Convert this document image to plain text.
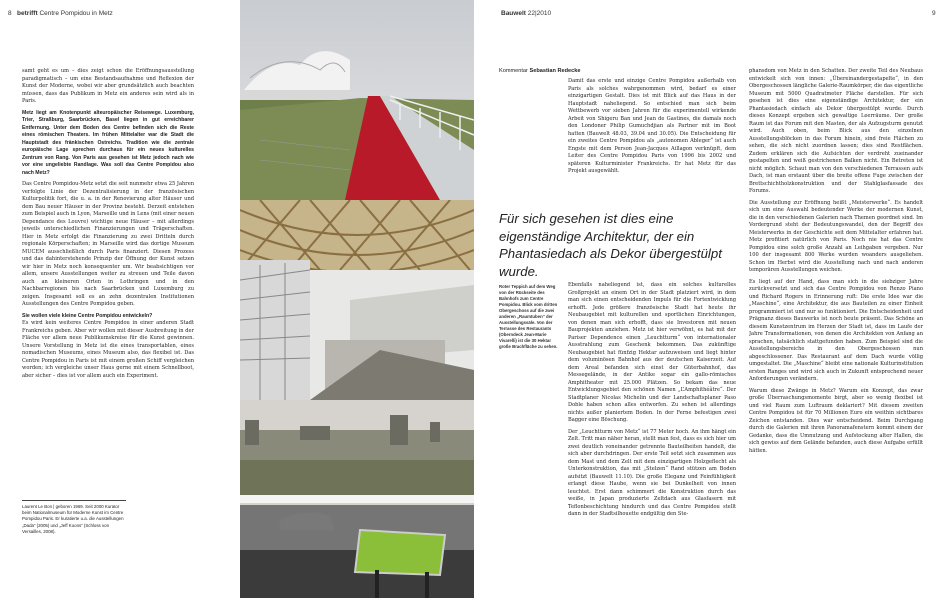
8 betrifft Centre Pompidou in Metz

samt geht es um – dies zeigt schon die Eröffnungsausstellung paradigmatisch – um eine Bestandsaufnahme und Reflexion der Kunst der Moderne, wobei wir aber grundsätzlich auch beachten müssen, dass das Publikum in Metz ein anderes sein wird als in Paris.

Metz liegt am Knotenpunkt alteuropäischer Reisewege. Luxemburg, Trier, Straßburg, Saarbrücken, Basel liegen in gut erreichbarer Entfernung. Unter dem Boden des Centre befinden sich die Reste eines römischen Theaters. Im frühen Mittelalter war die Stadt die Hauptstadt des fränkischen Ostreichs. Tradition wie die zentrale europäische Lage sprechen durchaus für ein neues kulturelles Zentrum von Rang. Von Paris aus gesehen ist Metz jedoch nach wie vor eine ungeliebte Randlage. Was soll das Centre Pompidou also nach Metz?

Das Centre Pompidou-Metz setzt die seit nunmehr etwa 25 Jahren verfolgte Linie der Dezentralisierung in der französischen Kulturpolitik fort, die u. a. in der Renovierung alter Häuser und dem Bau neuer Häuser in der Provinz besteht. Derzeit entstehen zum Beispiel auch in Lyon, Marseille und in Lens (mit einer neuen Dependance des Louvre) wichtige neue Häuser – mit allerdings jeweils unterschiedlichen Finanzierungen und Trägerschaften. Hier in Metz erfolgt die Finanzierung zu zwei Dritteln durch regionale Körperschaften; in Marseille wird das dortige Museum MUCEM ausschließlich durch Paris finanziert. Diesen Prozess und das dahinterstehende Prinzip der Öffnung der Kunst setzen wir hier in Metz noch konsequenter um. Wir beabsichtigen vor allem, unsere Ausstellungen weiter zu streuen und Teile davon auch an kleineren Orten in Lothringen und in den Nachbarregionen bis nach Saarbrücken und Luxemburg zu zeigen. Insgesamt soll es an zehn dezentralen Institutionen Ausstellungen des Centre Pompidou geben.

Sie wollen viele kleine Centre Pompidou entwickeln?

Es wird kein weiteres Centre Pompidou in einer anderen Stadt Frankreichs geben. Aber wir wollen mit dieser Ausbreitung in der Fläche vor allem neue Publikumskreise für die Kunst gewinnen. Unsere Vorstellung in Metz ist die eines transportablen, eines nomadischen Museums, eines Museum also, das flexibel ist. Das Centre Pompidou in Paris ist mit einem großen Schiff vergleichen worden; ich vergleiche unser Haus gerne mit einem Schnellboot, aber sicher – dies ist vor allem auch ein Experiment.

Laurent Le Bon | geboren 1969. Seit 2000 Kurator beim Nationalmuseum für Moderne Kunst im Centre Pompidou Paris. Er kuratierte u.a. die Ausstellungen „Dada“ (2005) und „Jeff Koons“ (Schloss von Versailles, 2008).
Bauwelt 22|2010	9
Kommentar Sebastian Redecke

Damit das erste und einzige Centre Pompidou außerhalb von Paris als solches wahrgenommen wird, bedarf es einer einzigartigen Gestalt. Dies ist mit Blick auf das Haus in der Hauptstadt naheliegend. So entschied man sich beim Wettbewerb vor sieben Jahren für die experimentell wirkende Arbeit von Shigeru Ban und Jean de Gastines, die damals noch den Londoner Philip Gumuchdjian als Partner mit im Boot hatten (Bauwelt 48.03, 39.04 und 30.05). Die Entscheidung für ein zweites Centre Pompidou als „autonomen Ableger“ ist auch Engste mit dem Person Jean-Jacques Aillagon verknüpft, dem Leiter des Centre Pompidou Paris von 1996 bis 2002 und späteren Kulturminister Frankreichs. Er hat Metz für das Projekt ausgewählt.

Für sich gesehen ist dies eine eigenständige Architektur, der ein Phantasiedach als Dekor übergestülpt wurde.
Roter Teppich auf dem Weg von der Rückseite des Bahnhofs zum Centre Pompidou. Blick vom dritten Obergeschoss auf die zwei anderen „Raumtuben“ der Ausstellungssäle. Von der Terrasse des Restaurants (Oberndeck Jean-Marie Vivarelli) ist die 30 Hektar große Brachfläche zu sehen.

Ebenfalls naheliegend ist, dass ein solches kulturelles Großprojekt an einem Ort in der Stadt platziert wird, in dem man sich einen entscheidenden Impuls für die Fortentwicklung erhofft. Jede größere französische Stadt hat heute ihr Neubaugebiet mit kulturellen und sportlichen Einrichtungen, von denen man sich erhofft, dass sie Investoren mit neuen Bauprojekten anziehen. Metz ist hier verwöhnt, es hat mit der Pariser Dependence einen „Leuchtturm“ von internationaler Ausstrahlung zum Geschenk bekommen. Das zukünftige Neubaugebiet hat fünfzig Hektar aufzuweisen und liegt hinter dem voluminösen Bahnhof aus der deutschen Kaiserzeit. Auf dem Areal befanden sich einst der Güterbahnhof, das Messegelände, in der Antike sogar ein gallo-römisches Amphitheater mit 25.000 Plätzen. So bekam das neue Entwicklungsgebiet den schönen Namen „L’Amphithéâtre“. Der Stadtplaner Nicolas Michelin und der Landschaftsplaner Paso Doble haben schon alles entworfen. Zu sehen ist allerdings nichts außer planiertem Boden. In der Ferne befestigen zwei Bagger eine Böschung.

Der „Leuchtturm von Metz“ ist 77 Meter hoch. An ihm hängt ein Zelt. Tritt man näher heran, stellt man fest, dass es sich hier um zwei deutlich voneinander getrennte Bauteilheiten handelt, die sich aber durchdringen. Der erste Teil setzt sich zusammen aus dem Mast und dem Zelt mit dem einzigartigen Holzgeflecht als Unterkonstruktion, das mit „Stelzen“ Rand stützen am Boden aufsitzt (Bauwelt 11.10). Die große Eleganz und Feinfühligkeit erlangt diese Haube, wenn sie bei Dunkelheit von innen leuchtet. Erst dann schimmert die Konstruktion durch das weiße, in Japan produzierte Zeltdach aus Glasfasern mit Teflonbeschichtung hindurch und das Centre Pompidou stellt dann in der Stadtsilhouette endgültig den Ste-

phansdom von Metz in den Schatten. Der zweite Teil des Neubaus entwickelt sich von innen: „Übereinandergestapelte“, in den Obergeschossen längliche Galerie-Raumkörper, die das eigentliche Museum mit 5000 Quadratmeter Fläche darstellen. Für sich gesehen ist dies eine eigenständige Architektur, der ein Phantasiedach einfach als Dekor übergestülpt wurde. Durch dieses Konzept ergeben sich gewaltige Leerräume. Der große Raum ist das Forum mit den Masten, der als Aufzugsturm genutzt wird. Auch oben, beim Blick aus den einzelnen Ausstellungsblöcken in das Forum hinein, sind freie Flächen zu sehen, die sich nicht zuordnen lassen; dies sind Restflächen. Zudem erklären sich die Aufsichten der verdreht zueinander gestapelten und weiß gestrichenen Balken nicht. Ein Betreten ist nicht möglich. Schaut man von den verschiedenen Terrassen aufs Dach, ist man erstaunt über die breite offene Fuge zwischen der Brettschichtholzkonstruktion und der Stahlglasfassade des Forums.

Die Ausstellung zur Eröffnung heißt „Meisterwerke“. Es handelt sich um eine Auswahl bedeutender Werke der modernen Kunst, die in den verschiedenen Galerien nach Themen geordnet sind. Im Vordergrund steht der Bedeutungswandel, den der Begriff des Meisterwerks in der Geschichte seit dem Mittelalter erfahren hat. Metz profitiert natürlich von Paris. Noch nie hat das Centre Pompidou eine solch große Anzahl an Leihgaben vergeben. Nur 100 der insgesamt 800 Werke wurden woanders ausgeliehen. Schon im Herbst wird die Ausstellung nach und nach anderen temporären Ausstellungen weichen.

Es liegt auf der Hand, dass man sich in die siebziger Jahre zurückversetzt und sich das Centre Pompidou von Renzo Piano und Richard Rogers in Erinnerung ruft: Die erste Idee war die „Maschine“, eine Architektur, die aus Bauteilen zu einer Einheit programmiert ist und nur so funktioniert. Die Entscheidenheit und Prägnanz dieses Bauwerks ist noch heute präsent. Das Schöne an diesem Kunstzentrum im Herzen der Stadt ist, dass im Laufe der Jahre Transformationen, von denen die Architekten von Anfang an sprachen, tatsächlich stattgefunden haben. Zum Beispiel sind die Ausstellungsbereiche in den Obergeschossen nun abgeschlossener. Das Restaurant auf dem Dach wurde völlig umgestaltet. Die „Maschine“ bleibt eine nationale Kulturinstitution ersten Ranges und wird sich auch in Zukunft entsprechend neuer Anforderungen verändern.

Warum diese Zwänge in Metz? Warum ein Konzept, das zwar große Überraschungsmomente birgt, aber so wenig flexibel ist und viel Raum zum Luftraum deklariert? Mit diesem zweiten Centre Pompidou ist für 70 Millionen Euro ein weithin sichtbares Zeichen entstanden. Dies war entscheidend. Beim Durchgang durch die Galerien mit ihren Panoramafenstern kommt einem der Gedanke, dass die Umnutzung und Aufstockung alter Hallen, die sich gewiss auf dem Gelände befanden, auch diese Aufgabe erfüllt hätten.
